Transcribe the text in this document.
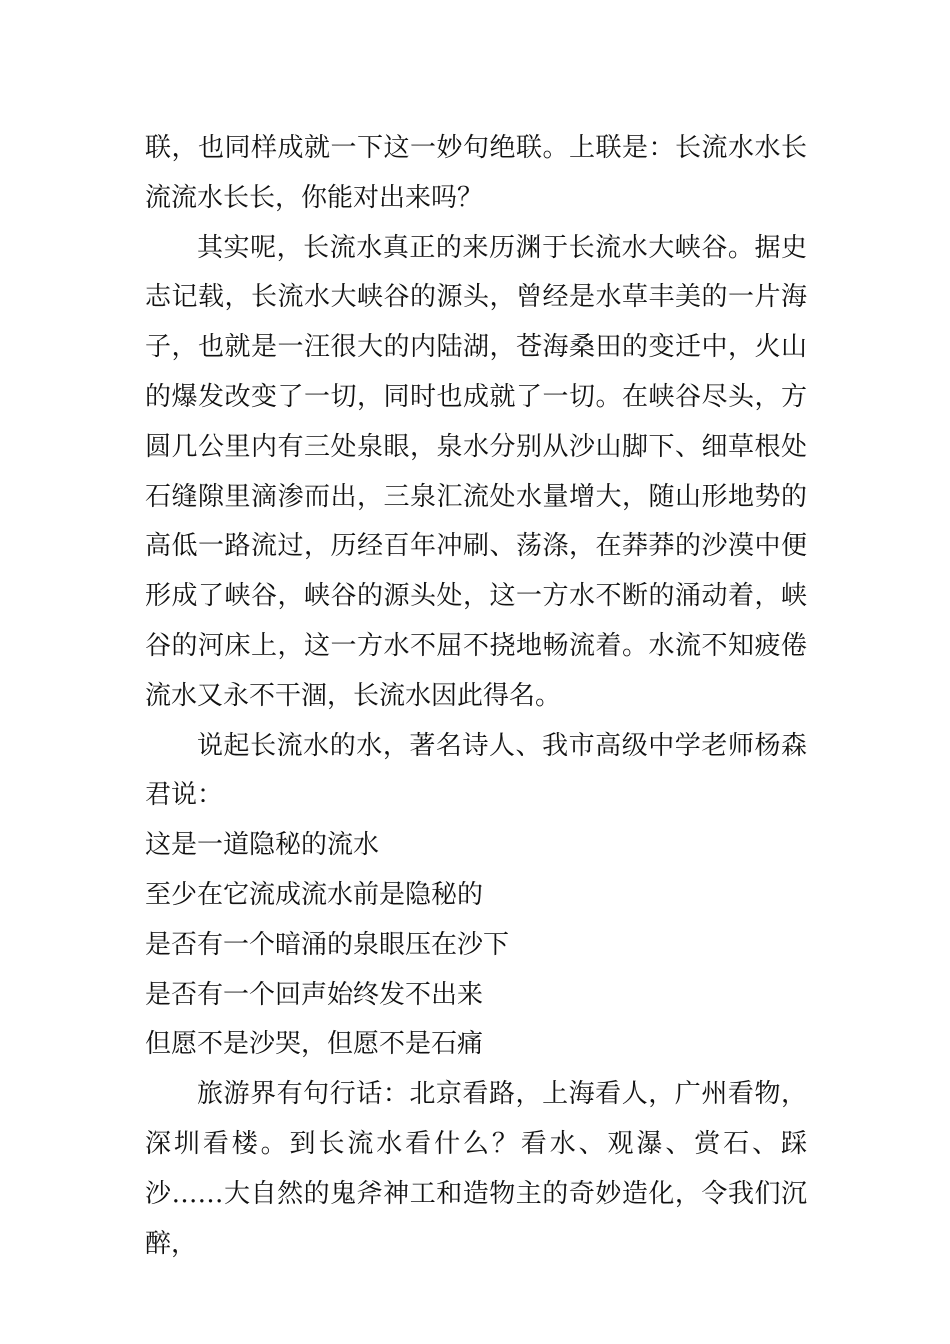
联，也同样成就一下这一妙句绝联。上联是：长流水水长流流水长长，你能对出来吗？

其实呢，长流水真正的来历渊于长流水大峡谷。据史志记载，长流水大峡谷的源头，曾经是水草丰美的一片海子，也就是一汪很大的内陆湖，苍海桑田的变迁中，火山的爆发改变了一切，同时也成就了一切。在峡谷尽头，方圆几公里内有三处泉眼，泉水分别从沙山脚下、细草根处石缝隙里滴渗而出，三泉汇流处水量增大，随山形地势的高低一路流过，历经百年冲刷、荡涤，在莽莽的沙漠中便形成了峡谷，峡谷的源头处，这一方水不断的涌动着，峡谷的河床上，这一方水不屈不挠地畅流着。水流不知疲倦流水又永不干涸，长流水因此得名。

说起长流水的水，著名诗人、我市高级中学老师杨森君说：

这是一道隐秘的流水

至少在它流成流水前是隐秘的

是否有一个暗涌的泉眼压在沙下

是否有一个回声始终发不出来

但愿不是沙哭，但愿不是石痛

旅游界有句行话：北京看路，上海看人，广州看物，深圳看楼。到长流水看什么？看水、观瀑、赏石、踩沙……大自然的鬼斧神工和造物主的奇妙造化，令我们沉醉，
